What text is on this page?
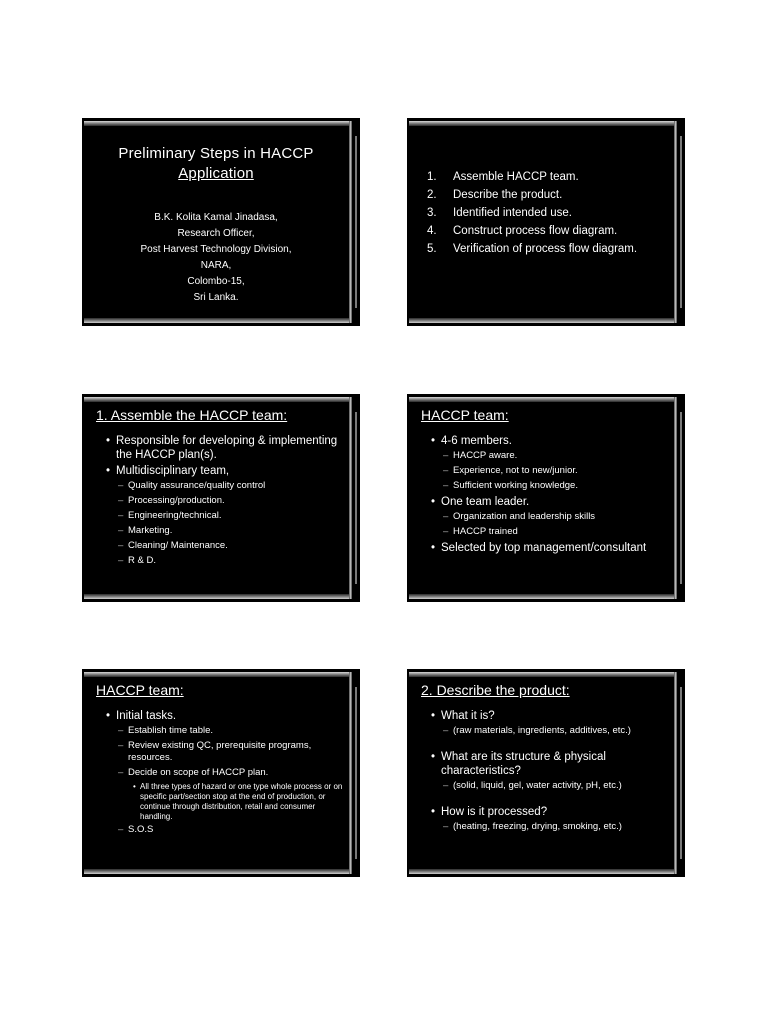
Preliminary Steps in HACCP
Application
B.K. Kolita Kamal Jinadasa,
Research Officer,
Post Harvest Technology Division,
NARA,
Colombo-15,
Sri Lanka.
1. Assemble HACCP team.
2. Describe the product.
3. Identified intended use.
4. Construct process flow diagram.
5. Verification of process flow diagram.
1. Assemble the HACCP team:
• Responsible for developing & implementing the HACCP plan(s).
• Multidisciplinary team,
– Quality assurance/quality control
– Processing/production.
– Engineering/technical.
– Marketing.
– Cleaning/ Maintenance.
– R & D.
HACCP team:
• 4-6 members.
– HACCP aware.
– Experience, not to new/junior.
– Sufficient working knowledge.
• One team leader.
– Organization and leadership skills
– HACCP trained
• Selected by top management/consultant
HACCP team:
• Initial tasks.
– Establish time table.
– Review existing QC, prerequisite programs, resources.
– Decide on scope of HACCP plan.
• All three types of hazard or one type whole process or on specific part/section stop at the end of production, or continue through distribution, retail and consumer handling.
– S.O.S
2. Describe the product:
• What it is?
– (raw materials, ingredients, additives, etc.)
• What are its structure & physical characteristics?
– (solid, liquid, gel, water activity, pH, etc.)
• How is it processed?
– (heating, freezing, drying, smoking, etc.)
